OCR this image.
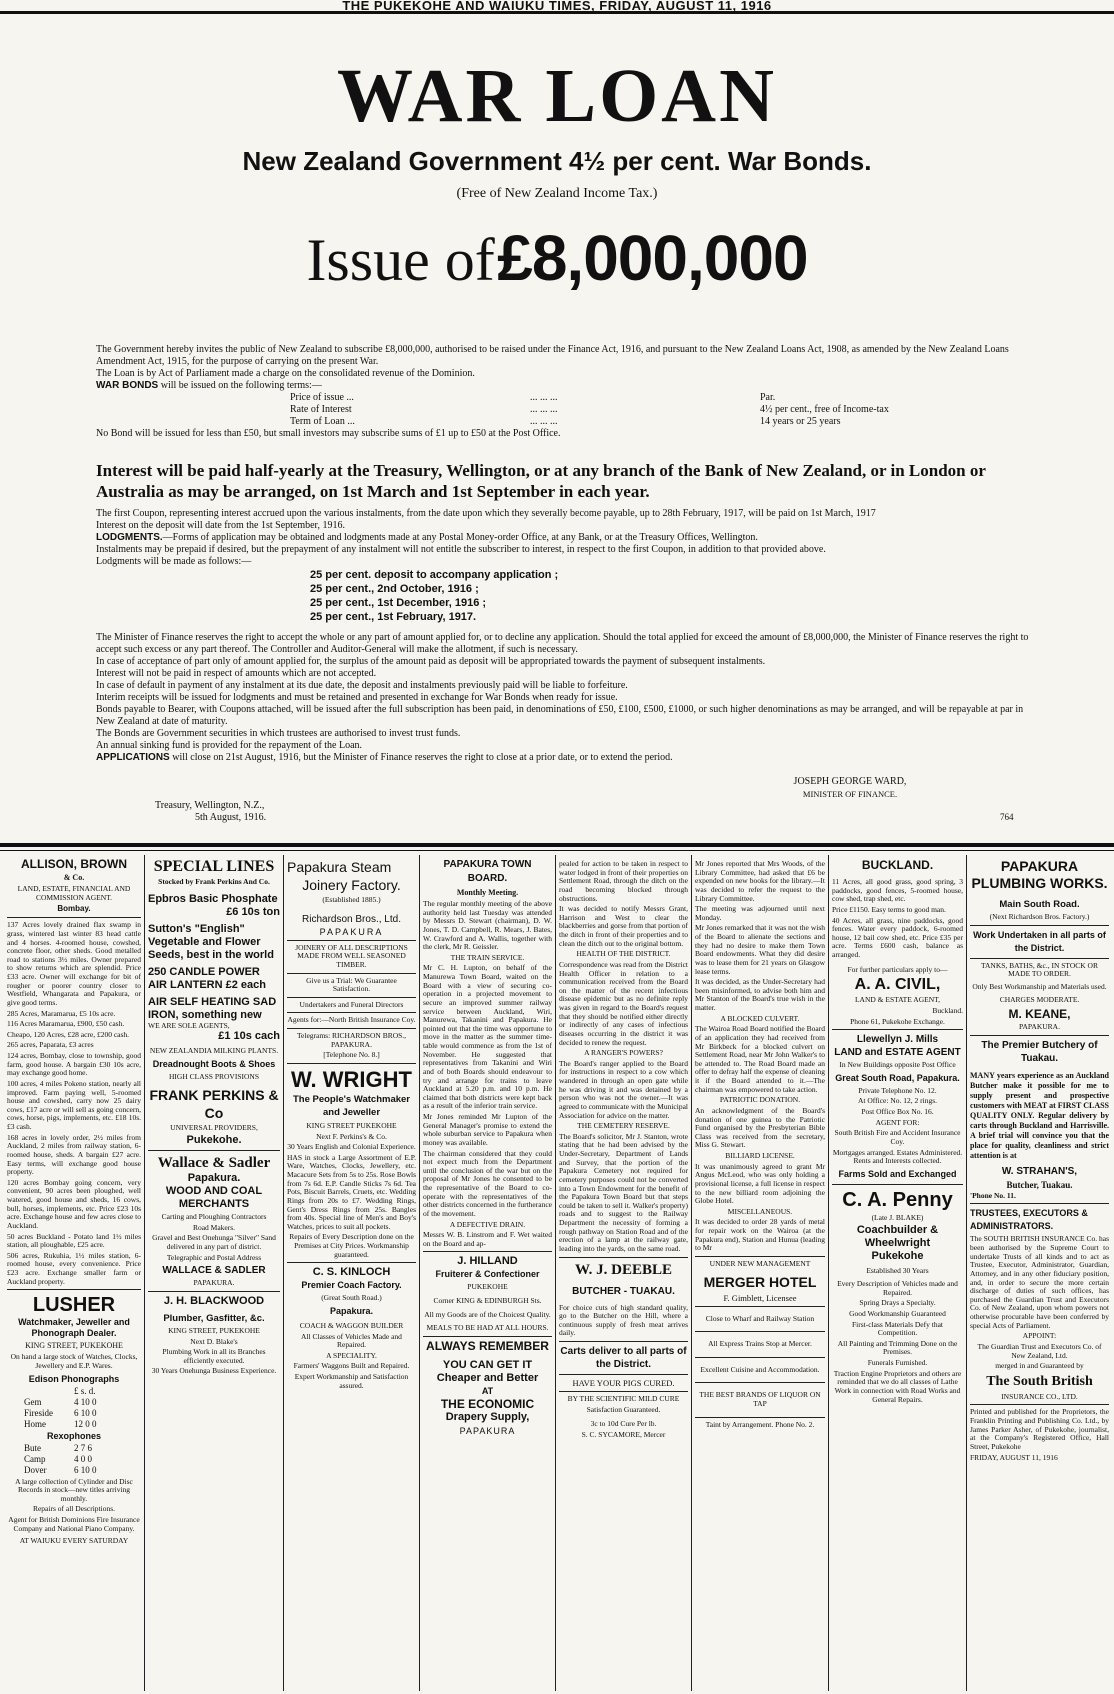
THE PUKEKOHE AND WAIUKU TIMES, FRIDAY, AUGUST 11, 1916
WAR LOAN
New Zealand Government 4½ per cent. War Bonds.
(Free of New Zealand Income Tax.)
Issue of £8,000,000

The Government hereby invites the public of New Zealand to subscribe £8,000,000, authorised to be raised under the Finance Act, 1916, and pursuant to the New Zealand Loans Act, 1908, as amended by the New Zealand Loans Amendment Act, 1915, for the purpose of carrying on the present War.

The Loan is by Act of Parliament made a charge on the consolidated revenue of the Dominion.

WAR BONDS will be issued on the following terms:—

Price of issue ...	... ... ...	Par.
Rate of Interest	... ... ...	4½ per cent., free of Income-tax
Term of Loan ...	... ... ...	14 years or 25 years

No Bond will be issued for less than £50, but small investors may subscribe sums of £1 up to £50 at the Post Office.

Interest will be paid half-yearly at the Treasury, Wellington, or at any branch of the Bank of New Zealand, or in London or Australia as may be arranged, on 1st March and 1st September in each year.

The first Coupon, representing interest accrued upon the various instalments, from the date upon which they severally become payable, up to 28th February, 1917, will be paid on 1st March, 1917

Interest on the deposit will date from the 1st September, 1916.

LODGMENTS.—Forms of application may be obtained and lodgments made at any Postal Money-order Office, at any Bank, or at the Treasury Offices, Wellington.

Instalments may be prepaid if desired, but the prepayment of any instalment will not entitle the subscriber to interest, in respect to the first Coupon, in addition to that provided above.

Lodgments will be made as follows:—

25 per cent. deposit to accompany application ;
25 per cent., 2nd October, 1916 ;
25 per cent., 1st December, 1916 ;
25 per cent., 1st February, 1917.

The Minister of Finance reserves the right to accept the whole or any part of amount applied for, or to decline any application. Should the total applied for exceed the amount of £8,000,000, the Minister of Finance reserves the right to accept such excess or any part thereof. The Controller and Auditor-General will make the allotment, if such is necessary.

In case of acceptance of part only of amount applied for, the surplus of the amount paid as deposit will be appropriated towards the payment of subsequent instalments.

Interest will not be paid in respect of amounts which are not accepted.

In case of default in payment of any instalment at its due date, the deposit and instalments previously paid will be liable to forfeiture.

Interim receipts will be issued for lodgments and must be retained and presented in exchange for War Bonds when ready for issue.

Bonds payable to Bearer, with Coupons attached, will be issued after the full subscription has been paid, in denominations of £50, £100, £500, £1000, or such higher denominations as may be arranged, and will be repayable at par in New Zealand at date of maturity.

The Bonds are Government securities in which trustees are authorised to invest trust funds.

An annual sinking fund is provided for the repayment of the Loan.

APPLICATIONS will close on 21st August, 1916, but the Minister of Finance reserves the right to close at a prior date, or to extend the period.

JOSEPH GEORGE WARD,
MINISTER OF FINANCE.
Treasury, Wellington, N.Z.,
5th August, 1916.	764
ALLISON, BROWN
& Co.
LAND, ESTATE, FINANCIAL AND COMMISSION AGENT.
Bombay.

137 Acres lovely drained flax swamp in grass, wintered last winter 83 head cattle and 4 horses. 4-roomed house, cowshed, concrete floor, other sheds. Good metalled road to stations 3½ miles. Owner prepared to show returns which are splendid. Price £33 acre. Owner will exchange for bit of rougher or poorer country closer to Westfield, Whangarata and Papakura, or give good terms.

285 Acres, Maramarua, £5 10s acre.

116 Acres Maramarua, £900, £50 cash.

Cheapo, 120 Acres, £28 acre, £200 cash.

265 acres, Paparata, £3 acres

124 acres, Bombay, close to township, good farm, good house. A bargain £30 10s acre, may exchange good home.

100 acres, 4 miles Pokeno station, nearly all improved. Farm paying well, 5-roomed house and cowshed, carry now 25 dairy cows, £17 acre or will sell as going concern, cows, horse, pigs, implements, etc. £18 10s. £3 cash.

168 acres in lovely order, 2½ miles from Auckland, 2 miles from railway station, 6-roomed house, sheds. A bargain £27 acre. Easy terms, will exchange good house property.

120 acres Bombay going concern, very convenient, 90 acres been ploughed, well watered, good house and sheds, 16 cows, bull, horses, implements, etc. Price £23 10s acre. Exchange house and few acres close to Auckland.

50 acres Buckland - Potato land 1½ miles station, all ploughable, £25 acre.

506 acres, Rukuhia, 1½ miles station, 6-roomed house, every convenience. Price £23 acre. Exchange smaller farm or Auckland property.

LUSHER
Watchmaker, Jeweller and Phonograph Dealer.
KING STREET, PUKEKOHE
On hand a large stock of Watches, Clocks, Jewellery and E.P. Wares.
Edison Phonographs
£ s. d.
Gem	4 10 0
Fireside	6 10 0
Home	12 0 0
Rexophones
Bute	2 7 6
Camp	4 0 0
Dover	6 10 0
A large collection of Cylinder and Disc Records in stock—new titles arriving monthly.
Repairs of all Descriptions.
Agent for British Dominions Fire Insurance Company and National Piano Company.
AT WAIUKU EVERY SATURDAY
SPECIAL LINES
Stocked by Frank Perkins And Co.
Epbros Basic Phosphate
£6 10s ton
Sutton's "English" Vegetable and Flower Seeds, best in the world
250 CANDLE POWER AIR LANTERN £2 each
AIR SELF HEATING SAD IRON, something new
WE ARE SOLE AGENTS,
£1 10s cach
NEW ZEALANDIA MILKING PLANTS.
Dreadnought Boots & Shoes
HIGH CLASS PROVISIONS
FRANK PERKINS & Co
UNIVERSAL PROVIDERS,
Pukekohe.
Wallace & Sadler
Papakura.
WOOD AND COAL MERCHANTS
Carting and Ploughing Contractors
Road Makers.
Gravel and Best Onehunga "Silver" Sand delivered in any part of district.
Telegraphic and Postal Address
WALLACE & SADLER
PAPAKURA.
J. H. BLACKWOOD
Plumber, Gasfitter, &c.
KING STREET, PUKEKOHE
Next D. Blake's
Plumbing Work in all its Branches efficiently executed.
30 Years Onehunga Business Experience.
Papakura Steam
Joinery Factory.
(Established 1885.)
Richardson Bros., Ltd.
PAPAKURA
JOINERY OF ALL DESCRIPTIONS MADE FROM WELL SEASONED TIMBER.
Give us a Trial: We Guarantee Satisfaction.
Undertakers and Funeral Directors
Agents for:—North British Insurance Coy.
Telegrams: RICHARDSON BROS., PAPAKURA.
[Telephone No. 8.]
W. WRIGHT
The People's Watchmaker and Jeweller
KING STREET PUKEKOHE
Next F. Perkins's & Co.
30 Years English and Colonial Experience.
HAS in stock a Large Assortment of E.P. Ware, Watches, Clocks, Jewellery, etc. Macacure Sets from 5s to 25s. Rose Bowls from 7s 6d. E.P. Candle Sticks 7s 6d. Tea Pots, Biscuit Barrels, Cruets, etc. Wedding Rings from 20s to £7. Wedding Rings, Gent's Dress Rings from 25s. Bangles from 40s. Special line of Men's and Boy's Watches, prices to suit all pockets.
Repairs of Every Description done on the Premises at City Prices. Workmanship guaranteed.
C. S. KINLOCH
Premier Coach Factory.
(Great South Road.)
Papakura.
COACH & WAGGON BUILDER
All Classes of Vehicles Made and Repaired.
A SPECIALITY.
Farmers' Waggons Built and Repaired.
Expert Workmanship and Satisfaction assured.
PAPAKURA TOWN BOARD.
Monthly Meeting.

The regular monthly meeting of the above authority held last Tuesday was attended by Messrs D. Stewart (chairman), D. W. Jones, T. D. Campbell, R. Mears, J. Bates, W. Crawford and A. Wallis, together with the clerk, Mr R. Geissler.

THE TRAIN SERVICE.

Mr C. H. Lupton, on behalf of the Manurewa Town Board, waited on the Board with a view of securing co-operation in a projected movement to secure an improved summer railway service between Auckland, Wiri, Manurewa, Takanini and Papakura. He pointed out that the time was opportune to move in the matter as the summer time-table would commence as from the 1st of November. He suggested that representatives from Takanini and Wiri and of both Boards should endeavour to try and arrange for trains to leave Auckland at 5.20 p.m. and 10 p.m. He claimed that both districts were kept back as a result of the inferior train service.

Mr Jones reminded Mr Lupton of the General Manager's promise to extend the whole suburban service to Papakura when money was available.

The chairman considered that they could not expect much from the Department until the conclusion of the war but on the proposal of Mr Jones he consented to be the representative of the Board to co-operate with the representatives of the other districts concerned in the furtherance of the movement.

A DEFECTIVE DRAIN.

Messrs W. B. Linstrom and F. Wet waited on the Board and ap-

J. HILLAND
Fruiterer & Confectioner
PUKEKOHE
Corner KING & EDINBURGH Sts.
All my Goods are of the Choicest Quality.
MEALS TO BE HAD AT ALL HOURS.
ALWAYS REMEMBER
YOU CAN GET IT
Cheaper and Better
AT
THE ECONOMIC
Drapery Supply,
PAPAKURA

pealed for action to be taken in respect to water lodged in front of their properties on Settlement Road, through the ditch on the road becoming blocked through obstructions.

It was decided to notify Messrs Grant, Harrison and West to clear the blackberries and gorse from that portion of the ditch in front of their properties and to clean the ditch out to the original bottom.

HEALTH OF THE DISTRICT.

Correspondence was read from the District Health Officer in relation to a communication received from the Board on the matter of the recent infectious disease epidemic but as no definite reply was given in regard to the Board's request that they should be notified either directly or indirectly of any cases of infectious diseases occurring in the district it was decided to renew the request.

A RANGER'S POWERS?

The Board's ranger applied to the Board for instructions in respect to a cow which wandered in through an open gate while he was driving it and was detained by a person who was not the owner.—It was agreed to communicate with the Municipal Association for advice on the matter.

THE CEMETERY RESERVE.

The Board's solicitor, Mr J. Stanton, wrote stating that he had been advised by the Under-Secretary, Department of Lands and Survey, that the portion of the Papakura Cemetery not required for cemetery purposes could not be converted into a Town Endowment for the benefit of the Papakura Town Board but that steps could be taken to sell it. Walker's property) roads and to suggest to the Railway Department the necessity of forming a rough pathway on Station Road and of the erection of a lamp at the railway gate, leading into the yards, on the same road.

W. J. DEEBLE
BUTCHER - TUAKAU.
For choice cuts of high standard quality, go to the Butcher on the Hill, where a continuous supply of fresh meat arrives daily.
Carts deliver to all parts of the District.
HAVE YOUR PIGS CURED.
BY THE SCIENTIFIC MILD CURE
Satisfaction Guaranteed.
3c to 10d Cure Per lb.
S. C. SYCAMORE, Mercer

Mr Jones reported that Mrs Woods, of the Library Committee, had asked that £6 be expended on new books for the library.—It was decided to refer the request to the Library Committee.

The meeting was adjourned until next Monday.

Mr Jones remarked that it was not the wish of the Board to alienate the sections and they had no desire to make them Town Board endowments. What they did desire was to lease them for 21 years on Glasgow lease terms.

It was decided, as the Under-Secretary had been misinformed, to advise both him and Mr Stanton of the Board's true wish in the matter.

A BLOCKED CULVERT.

The Wairoa Road Board notified the Board of an application they had received from Mr Birkbeck for a blocked culvert on Settlement Road, near Mr John Walker's to be attended to. The Road Board made an offer to defray half the expense of cleaning it if the Board attended to it.—The chairman was empowered to take action.

PATRIOTIC DONATION.

An acknowledgment of the Board's donation of one guinea to the Patriotic Fund organised by the Presbyterian Bible Class was received from the secretary, Miss G. Stewart.

BILLIARD LICENSE.

It was unanimously agreed to grant Mr Angus McLeod, who was only holding a provisional license, a full license in respect to the new billiard room adjoining the Globe Hotel.

MISCELLANEOUS.

It was decided to order 28 yards of metal for repair work on the Wairoa (at the Papakura end), Station and Hunua (leading to Mr

UNDER NEW MANAGEMENT
MERGER HOTEL
F. Gimblett, Licensee
Close to Wharf and Railway Station
All Express Trains Stop at Mercer.
Excellent Cuisine and Accommodation.
THE BEST BRANDS OF LIQUOR ON TAP
Taint by Arrangement. Phone No. 2.
BUCKLAND.
11 Acres, all good grass, good spring, 3 paddocks, good fences, 5-roomed house, cow shed, trap shed, etc.
Price £1150. Easy terms to good man.
40 Acres, all grass, nine paddocks, good fences. Water every paddock, 6-roomed house, 12 bail cow shed, etc. Price £35 per acre. Terms £600 cash, balance as arranged.
For further particulars apply to—
A. A. CIVIL,
LAND & ESTATE AGENT,
Buckland.
Phone 61, Pukekohe Exchange.
Llewellyn J. Mills
LAND and ESTATE AGENT
In New Buildings opposite Post Office
Great South Road, Papakura.
Private Telephone No. 12.
At Office: No. 12, 2 rings.
Post Office Box No. 16.
AGENT FOR:
South British Fire and Accident Insurance Coy.
Mortgages arranged. Estates Administered. Rents and Interests collected.
Farms Sold and Exchanged
C. A. Penny
(Late J. BLAKE)
Coachbuilder & Wheelwright
Pukekohe
Established 30 Years
Every Description of Vehicles made and Repaired.
Spring Drays a Specialty.
Good Workmanship Guaranteed
First-class Materials Defy that Competition.
All Painting and Trimming Done on the Premises.
Funerals Furnished.
Traction Engine Proprietors and others are reminded that we do all classes of Lathe Work in connection with Road Works and General Repairs.
PAPAKURA PLUMBING WORKS.
Main South Road.
(Next Richardson Bros. Factory.)
Work Undertaken in all parts of the District.
TANKS, BATHS, &c., IN STOCK OR MADE TO ORDER.
Only Best Workmanship and Materials used.
CHARGES MODERATE.
M. KEANE,
PAPAKURA.
The Premier Butchery of Tuakau.
MANY years experience as an Auckland Butcher make it possible for me to supply present and prospective customers with MEAT at FIRST CLASS QUALITY ONLY. Regular delivery by carts through Buckland and Harrisville. A brief trial will convince you that the place for quality, cleanliness and strict attention is at
W. STRAHAN'S,
Butcher, Tuakau.
'Phone No. 11.
TRUSTEES, EXECUTORS & ADMINISTRATORS.
The SOUTH BRITISH INSURANCE Co. has been authorised by the Supreme Court to undertake Trusts of all kinds and to act as Trustee, Executor, Administrator, Guardian, Attorney, and in any other fiduciary position, and, in order to secure the more certain discharge of duties of such offices, has purchased the Guardian Trust and Executors Co. of New Zealand, upon whom powers not otherwise procurable have been conferred by special Acts of Parliament.
APPOINT:
The Guardian Trust and Executors Co. of New Zealand, Ltd.
merged in and Guaranteed by
The South British
INSURANCE CO., LTD.
Printed and published for the Proprietors, the Franklin Printing and Publishing Co. Ltd., by James Parker Asher, of Pukekohe, journalist, at the Company's Registered Office, Hall Street, Pukekohe
FRIDAY, AUGUST 11, 1916
